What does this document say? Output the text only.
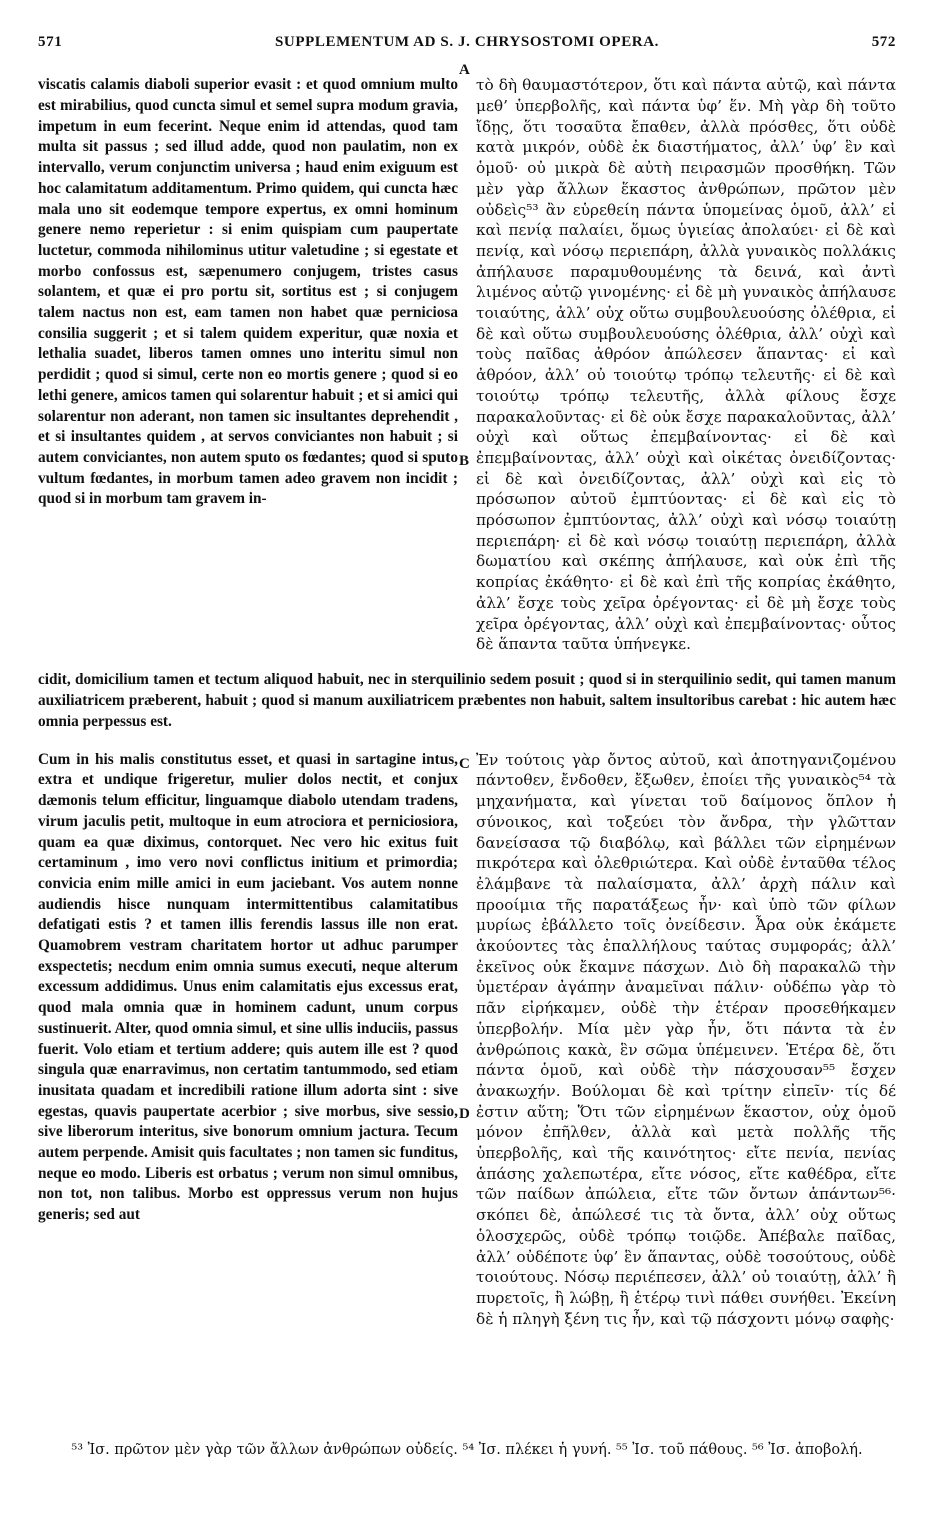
571	SUPPLEMENTUM AD S. J. CHRYSOSTOMI OPERA.	572

viscatis calamis diaboli superior evasit : et quod omnium multo est mirabilius, quod cuncta simul et semel supra modum gravia, impetum in eum fecerint. Neque enim id attendas, quod tam multa sit passus ; sed illud adde, quod non paulatim, non ex intervallo, verum conjunctim universa ; haud enim exiguum est hoc calamitatum additamentum. Primo quidem, qui cuncta hæc mala uno sit eodemque tempore expertus, ex omni hominum genere nemo reperietur : si enim quispiam cum paupertate luctetur, commoda nihilominus utitur valetudine ; si egestate et morbo confossus est, sæpenumero conjugem, tristes casus solantem, et quæ ei pro portu sit, sortitus est ; si conjugem talem nactus non est, eam tamen non habet quæ perniciosa consilia suggerit ; et si talem quidem experitur, quæ noxia et lethalia suadet, liberos tamen omnes uno interitu simul non perdidit ; quod si simul, certe non eo mortis genere ; quod si eo lethi genere, amicos tamen qui solarentur habuit ; et si amici qui solarentur non aderant, non tamen sic insultantes deprehendit , et si insultantes quidem , at servos conviciantes non habuit ; si autem conviciantes, non autem sputo os fœdantes; quod si sputo vultum fœdantes, in morbum tamen adeo gravem non incidit ; quod si in morbum tam gravem in-

τὸ δὴ θαυμαστότερον, ὅτι καὶ πάντα αὐτῷ, καὶ πάντα μεθ’ ὑπερβολῆς, καὶ πάντα ὑφ’ ἕν. Μὴ γὰρ δὴ τοῦτο ἴδῃς, ὅτι τοσαῦτα ἔπαθεν, ἀλλὰ πρόσθες, ὅτι οὐδὲ κατὰ μικρόν, οὐδὲ ἐκ διαστήματος, ἀλλ’ ὑφ’ ἓν καὶ ὁμοῦ· οὐ μικρὰ δὲ αὐτὴ πειρασμῶν προσθήκη. Τῶν μὲν γὰρ ἄλλων ἕκαστος ἀνθρώπων, πρῶτον μὲν οὐδεὶς⁵³ ἂν εὑρεθείη πάντα ὑπομείνας ὁμοῦ, ἀλλ’ εἰ καὶ πενίᾳ παλαίει, ὅμως ὑγιείας ἀπολαύει· εἰ δὲ καὶ πενίᾳ, καὶ νόσῳ περιεπάρη, ἀλλὰ γυναικὸς πολλάκις ἀπήλαυσε παραμυθουμένης τὰ δεινά, καὶ ἀντὶ λιμένος αὐτῷ γινομένης· εἰ δὲ μὴ γυναικὸς ἀπήλαυσε τοιαύτης, ἀλλ’ οὐχ οὕτω συμβουλευούσης ὀλέθρια, εἰ δὲ καὶ οὕτω συμβουλευούσης ὀλέθρια, ἀλλ’ οὐχὶ καὶ τοὺς παῖδας ἀθρόον ἀπώλεσεν ἅπαντας· εἰ καὶ ἀθρόον, ἀλλ’ οὐ τοιούτῳ τρόπῳ τελευτῆς· εἰ δὲ καὶ τοιούτῳ τρόπῳ τελευτῆς, ἀλλὰ φίλους ἔσχε παρακαλοῦντας· εἰ δὲ οὐκ ἔσχε παρακαλοῦντας, ἀλλ’ οὐχὶ καὶ οὕτως ἐπεμβαίνοντας· εἰ δὲ καὶ ἐπεμβαίνοντας, ἀλλ’ οὐχὶ καὶ οἰκέτας ὀνειδίζοντας· εἰ δὲ καὶ ὀνειδίζοντας, ἀλλ’ οὐχὶ καὶ εἰς τὸ πρόσωπον αὐτοῦ ἐμπτύοντας· εἰ δὲ καὶ εἰς τὸ πρόσωπον ἐμπτύοντας, ἀλλ’ οὐχὶ καὶ νόσῳ τοιαύτῃ περιεπάρη· εἰ δὲ καὶ νόσῳ τοιαύτῃ περιεπάρη, ἀλλὰ δωματίου καὶ σκέπης ἀπήλαυσε, καὶ οὐκ ἐπὶ τῆς κοπρίας ἐκάθητο· εἰ δὲ καὶ ἐπὶ τῆς κοπρίας ἐκάθητο, ἀλλ’ ἔσχε τοὺς χεῖρα ὀρέγοντας· εἰ δὲ μὴ ἔσχε τοὺς χεῖρα ὀρέγοντας, ἀλλ’ οὐχὶ καὶ ἐπεμβαίνοντας· οὗτος δὲ ἅπαντα ταῦτα ὑπήνεγκε.

A
B

cidit, domicilium tamen et tectum aliquod habuit, nec in sterquilinio sedem posuit ; quod si in sterquilinio sedit, qui tamen manum auxiliatricem præberent, habuit ; quod si manum auxiliatricem præbentes non habuit, saltem insultoribus carebat : hic autem hæc omnia perpessus est.

Cum in his malis constitutus esset, et quasi in sartagine intus, extra et undique frigeretur, mulier dolos nectit, et conjux dæmonis telum efficitur, linguamque diabolo utendam tradens, virum jaculis petit, multoque in eum atrociora et perniciosiora, quam ea quæ diximus, contorquet. Nec vero hic exitus fuit certaminum , imo vero novi conflictus initium et primordia; convicia enim mille amici in eum jaciebant. Vos autem nonne audiendis hisce nunquam intermittentibus calamitatibus defatigati estis ? et tamen illis ferendis lassus ille non erat. Quamobrem vestram charitatem hortor ut adhuc parumper exspectetis; necdum enim omnia sumus executi, neque alterum excessum addidimus. Unus enim calamitatis ejus excessus erat, quod mala omnia quæ in hominem cadunt, unum corpus sustinuerit. Alter, quod omnia simul, et sine ullis induciis, passus fuerit. Volo etiam et tertium addere; quis autem ille est ? quod singula quæ enarravimus, non certatim tantummodo, sed etiam inusitata quadam et incredibili ratione illum adorta sint : sive egestas, quavis paupertate acerbior ; sive morbus, sive sessio, sive liberorum interitus, sive bonorum omnium jactura. Tecum autem perpende. Amisit quis facultates ; non tamen sic funditus, neque eo modo. Liberis est orbatus ; verum non simul omnibus, non tot, non talibus. Morbo est oppressus verum non hujus generis; sed aut

Ἐν τούτοις γὰρ ὄντος αὐτοῦ, καὶ ἀποτηγανιζομένου πάντοθεν, ἔνδοθεν, ἔξωθεν, ἐποίει τῆς γυναικὸς⁵⁴ τὰ μηχανήματα, καὶ γίνεται τοῦ δαίμονος ὅπλον ἡ σύνοικος, καὶ τοξεύει τὸν ἄνδρα, τὴν γλῶτταν δανείσασα τῷ διαβόλῳ, καὶ βάλλει τῶν εἰρημένων πικρότερα καὶ ὀλεθριώτερα. Καὶ οὐδὲ ἐνταῦθα τέλος ἐλάμβανε τὰ παλαίσματα, ἀλλ’ ἀρχὴ πάλιν καὶ προοίμια τῆς παρατάξεως ἦν· καὶ ὑπὸ τῶν φίλων μυρίως ἐβάλλετο τοῖς ὀνείδεσιν. Ἆρα οὐκ ἐκάμετε ἀκούοντες τὰς ἐπαλλήλους ταύτας συμφοράς; ἀλλ’ ἐκεῖνος οὐκ ἔκαμνε πάσχων. Διὸ δὴ παρακαλῶ τὴν ὑμετέραν ἀγάπην ἀναμεῖναι πάλιν· οὐδέπω γὰρ τὸ πᾶν εἰρήκαμεν, οὐδὲ τὴν ἑτέραν προσεθήκαμεν ὑπερβολήν. Μία μὲν γὰρ ἦν, ὅτι πάντα τὰ ἐν ἀνθρώποις κακὰ, ἓν σῶμα ὑπέμεινεν. Ἑτέρα δὲ, ὅτι πάντα ὁμοῦ, καὶ οὐδὲ τὴν πάσχουσαν⁵⁵ ἔσχεν ἀνακωχήν. Βούλομαι δὲ καὶ τρίτην εἰπεῖν· τίς δέ ἐστιν αὕτη; Ὅτι τῶν εἰρημένων ἕκαστον, οὐχ ὁμοῦ μόνον ἐπῆλθεν, ἀλλὰ καὶ μετὰ πολλῆς τῆς ὑπερβολῆς, καὶ τῆς καινότητος· εἴτε πενία, πενίας ἁπάσης χαλεπωτέρα, εἴτε νόσος, εἴτε καθέδρα, εἴτε τῶν παίδων ἀπώλεια, εἴτε τῶν ὄντων ἁπάντων⁵⁶· σκόπει δὲ, ἀπώλεσέ τις τὰ ὄντα, ἀλλ’ οὐχ οὕτως ὁλοσχερῶς, οὐδὲ τρόπῳ τοιῷδε. Ἀπέβαλε παῖδας, ἀλλ’ οὐδέποτε ὑφ’ ἓν ἅπαντας, οὐδὲ τοσούτους, οὐδὲ τοιούτους. Νόσῳ περιέπεσεν, ἀλλ’ οὐ τοιαύτῃ, ἀλλ’ ἢ πυρετοῖς, ἢ λώβῃ, ἢ ἑτέρῳ τινὶ πάθει συνήθει. Ἐκείνη δὲ ἡ πληγὴ ξένη τις ἦν, καὶ τῷ πάσχοντι μόνῳ σαφὴς·

C
D
⁵³ Ἰσ. πρῶτον μὲν γὰρ τῶν ἄλλων ἀνθρώπων οὐδείς. ⁵⁴ Ἰσ. πλέκει ἡ γυνή. ⁵⁵ Ἰσ. τοῦ πάθους. ⁵⁶ Ἰσ. ἀποβολή.
